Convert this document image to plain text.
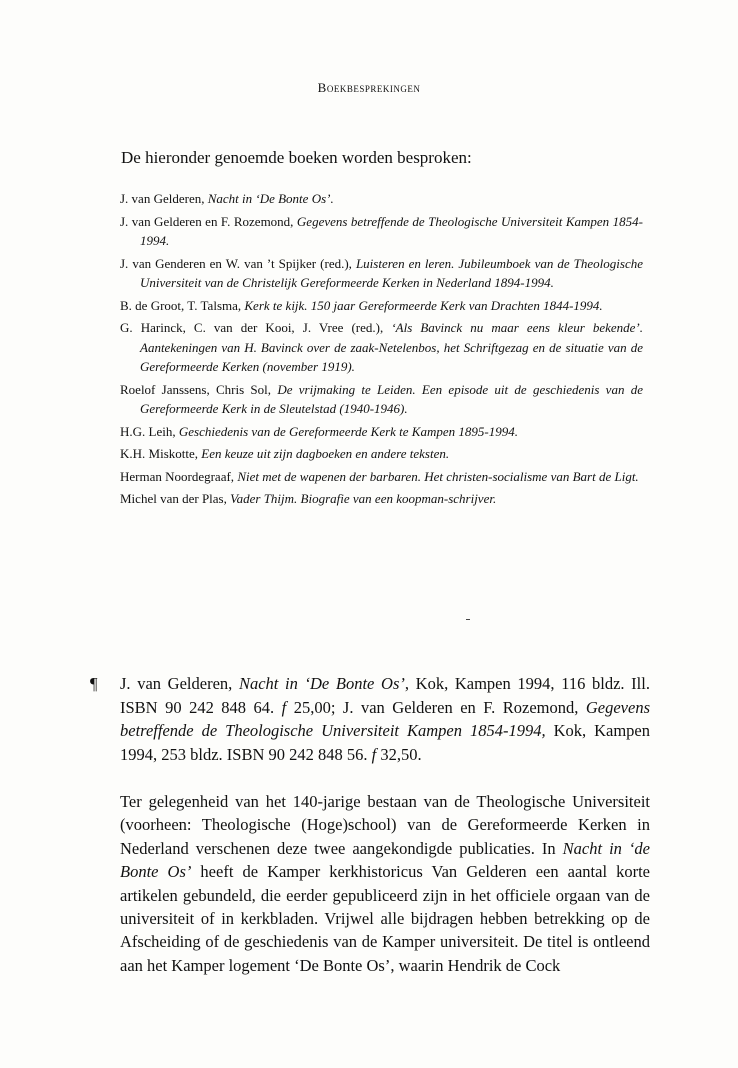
Boekbesprekingen
De hieronder genoemde boeken worden besproken:
J. van Gelderen, Nacht in ‘De Bonte Os’.
J. van Gelderen en F. Rozemond, Gegevens betreffende de Theologische Universiteit Kampen 1854-1994.
J. van Genderen en W. van ’t Spijker (red.), Luisteren en leren. Jubileumboek van de Theologische Universiteit van de Christelijk Gereformeerde Kerken in Nederland 1894-1994.
B. de Groot, T. Talsma, Kerk te kijk. 150 jaar Gereformeerde Kerk van Drachten 1844-1994.
G. Harinck, C. van der Kooi, J. Vree (red.), ‘Als Bavinck nu maar eens kleur bekende’. Aantekeningen van H. Bavinck over de zaak-Netelenbos, het Schriftgezag en de situatie van de Gereformeerde Kerken (november 1919).
Roelof Janssens, Chris Sol, De vrijmaking te Leiden. Een episode uit de geschiedenis van de Gereformeerde Kerk in de Sleutelstad (1940-1946).
H.G. Leih, Geschiedenis van de Gereformeerde Kerk te Kampen 1895-1994.
K.H. Miskotte, Een keuze uit zijn dagboeken en andere teksten.
Herman Noordegraaf, Niet met de wapenen der barbaren. Het christen-socialisme van Bart de Ligt.
Michel van der Plas, Vader Thijm. Biografie van een koopman-schrijver.
¶	J. van Gelderen, Nacht in ‘De Bonte Os’, Kok, Kampen 1994, 116 bldz. Ill. ISBN 90 242 848 64. f 25,00; J. van Gelderen en F. Rozemond, Gegevens betreffende de Theologische Universiteit Kampen 1854-1994, Kok, Kampen 1994, 253 bldz. ISBN 90 242 848 56. f 32,50.

Ter gelegenheid van het 140-jarige bestaan van de Theologische Universiteit (voorheen: Theologische (Hoge)school) van de Gereformeerde Kerken in Nederland verschenen deze twee aangekondigde publicaties. In Nacht in ‘de Bonte Os’ heeft de Kamper kerkhistoricus Van Gelderen een aantal korte artikelen gebundeld, die eerder gepubliceerd zijn in het officiele orgaan van de universiteit of in kerkbladen. Vrijwel alle bijdragen hebben betrekking op de Afscheiding of de geschiedenis van de Kamper universiteit. De titel is ontleend aan het Kamper logement ‘De Bonte Os’, waarin Hendrik de Cock
